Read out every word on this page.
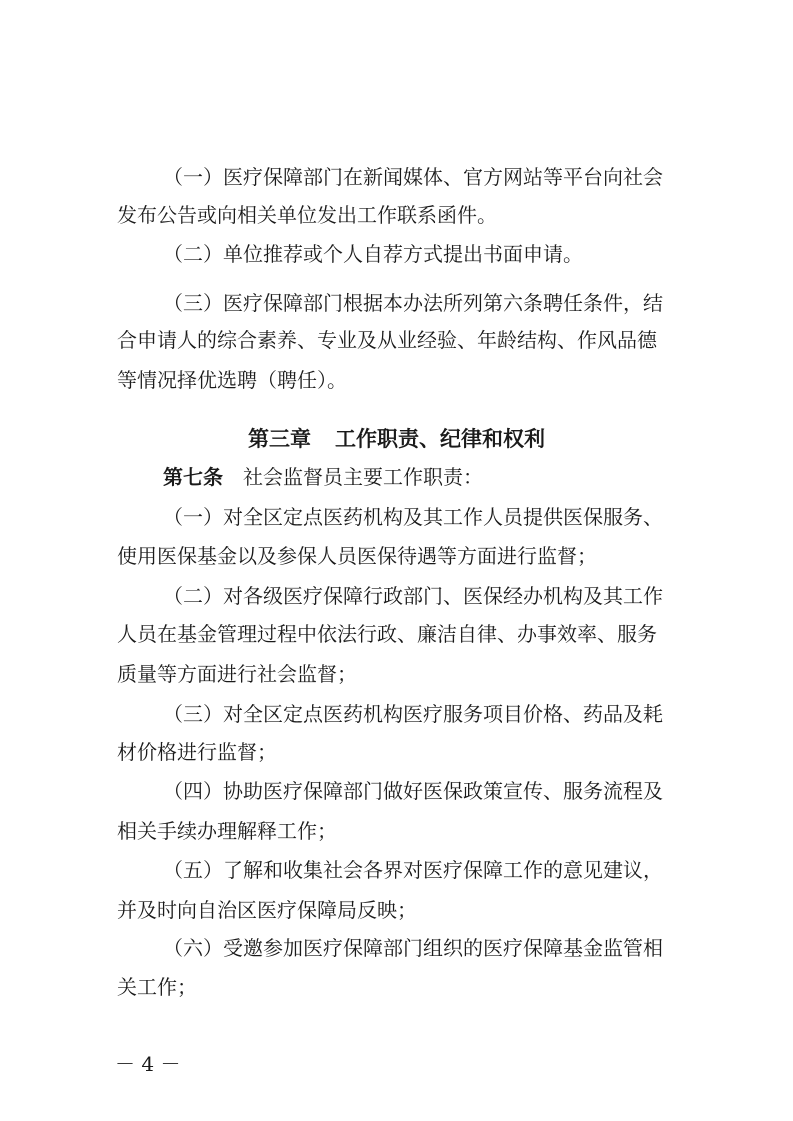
（一）医疗保障部门在新闻媒体、官方网站等平台向社会

发布公告或向相关单位发出工作联系函件。

（二）单位推荐或个人自荐方式提出书面申请。

（三）医疗保障部门根据本办法所列第六条聘任条件，结

合申请人的综合素养、专业及从业经验、年龄结构、作风品德

等情况择优选聘（聘任）。

第三章 工作职责、纪律和权利

第七条 社会监督员主要工作职责：

（一）对全区定点医药机构及其工作人员提供医保服务、

使用医保基金以及参保人员医保待遇等方面进行监督；

（二）对各级医疗保障行政部门、医保经办机构及其工作

人员在基金管理过程中依法行政、廉洁自律、办事效率、服务

质量等方面进行社会监督；

（三）对全区定点医药机构医疗服务项目价格、药品及耗

材价格进行监督；

（四）协助医疗保障部门做好医保政策宣传、服务流程及

相关手续办理解释工作；

（五）了解和收集社会各界对医疗保障工作的意见建议，

并及时向自治区医疗保障局反映；

（六）受邀参加医疗保障部门组织的医疗保障基金监管相

关工作；

－ 4 －
